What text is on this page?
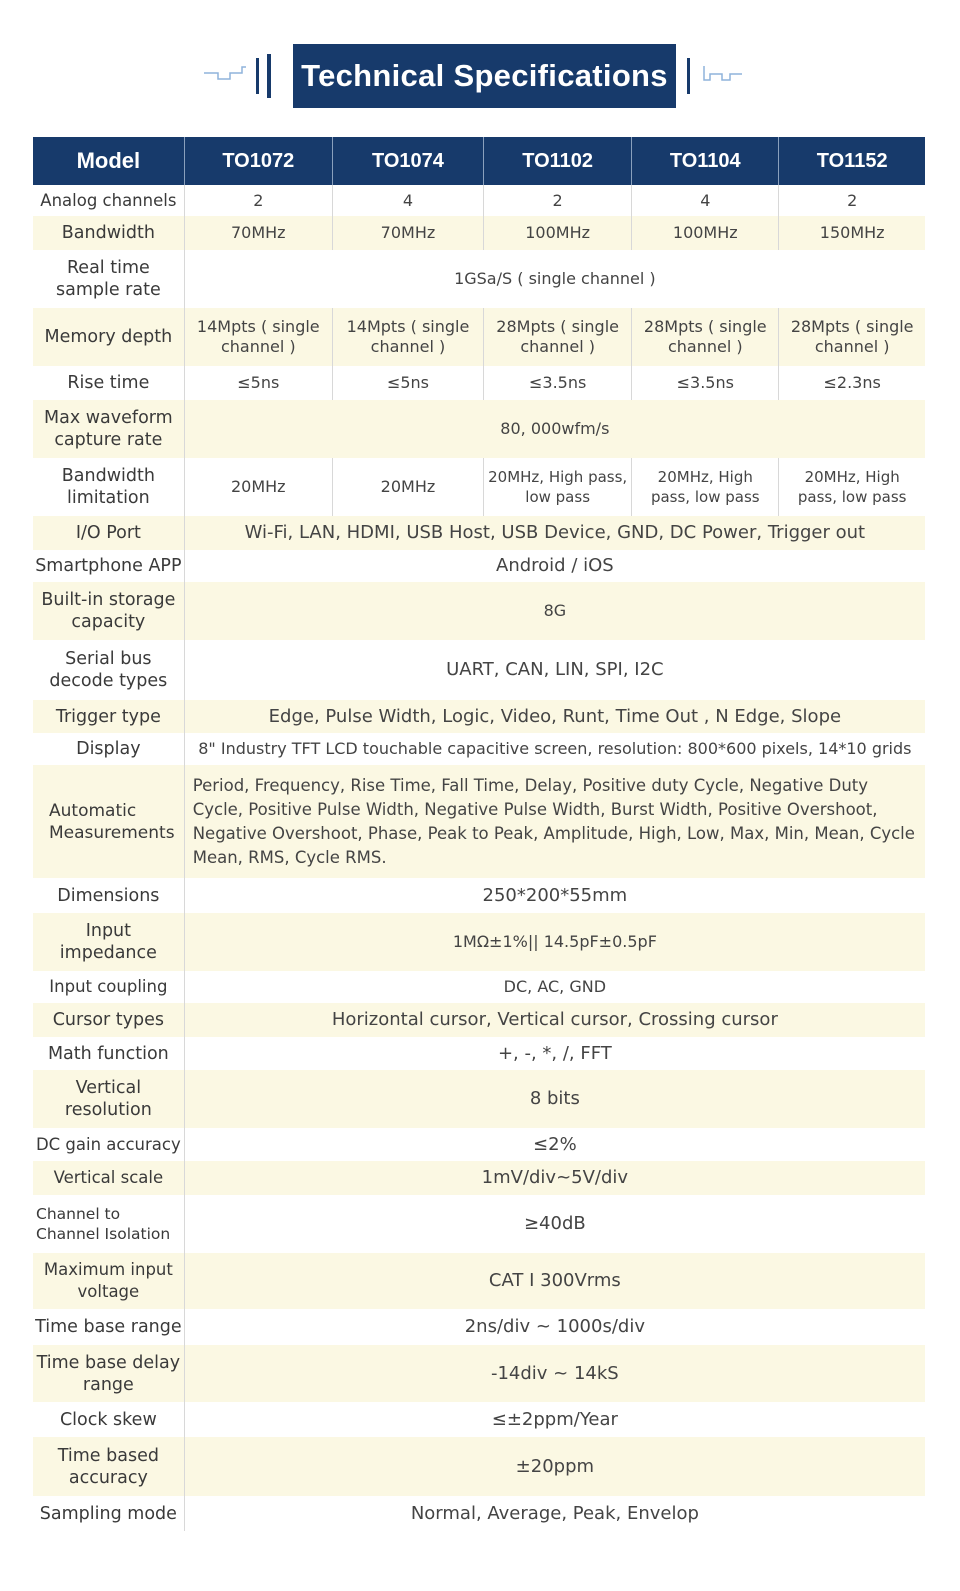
Technical Specifications
Model	TO1072	TO1074	TO1102	TO1104	TO1152
Analog channels	2	4	2	4	2
Bandwidth	70MHz	70MHz	100MHz	100MHz	150MHz
Real time sample rate	1GSa/S ( single channel )				
Memory depth	14Mpts ( single channel )	14Mpts ( single channel )	28Mpts ( single channel )	28Mpts ( single channel )	28Mpts ( single channel )
Rise time	≤5ns	≤5ns	≤3.5ns	≤3.5ns	≤2.3ns
Max waveform capture rate	80, 000wfm/s				
Bandwidth limitation	20MHz	20MHz	20MHz, High pass, low pass	20MHz, High pass, low pass	20MHz, High pass, low pass
I/O Port	Wi-Fi, LAN, HDMI, USB Host, USB Device, GND, DC Power, Trigger out				
Smartphone APP	Android / iOS				
Built-in storage capacity	8G				
Serial bus decode types	UART, CAN, LIN, SPI, I2C				
Trigger type	Edge, Pulse Width, Logic, Video, Runt, Time Out , N Edge, Slope				
Display	8" Industry TFT LCD touchable capacitive screen, resolution: 800*600 pixels, 14*10 grids				
Automatic Measurements	Period, Frequency, Rise Time, Fall Time, Delay, Positive duty Cycle, Negative Duty Cycle, Positive Pulse Width, Negative Pulse Width, Burst Width, Positive Overshoot, Negative Overshoot, Phase, Peak to Peak, Amplitude, High, Low, Max, Min, Mean, Cycle Mean, RMS, Cycle RMS.				
Dimensions	250*200*55mm				
Input impedance	1MΩ±1%|| 14.5pF±0.5pF				
Input coupling	DC, AC, GND				
Cursor types	Horizontal cursor, Vertical cursor, Crossing cursor				
Math function	+, -, *, /, FFT				
Vertical resolution	8 bits				
DC gain accuracy	≤2%				
Vertical scale	1mV/div~5V/div				
Channel to Channel Isolation	≥40dB				
Maximum input voltage	CAT I 300Vrms				
Time base range	2ns/div ~ 1000s/div				
Time base delay range	-14div ~ 14kS				
Clock skew	≤±2ppm/Year				
Time based accuracy	±20ppm				
Sampling mode	Normal, Average, Peak, Envelop				
